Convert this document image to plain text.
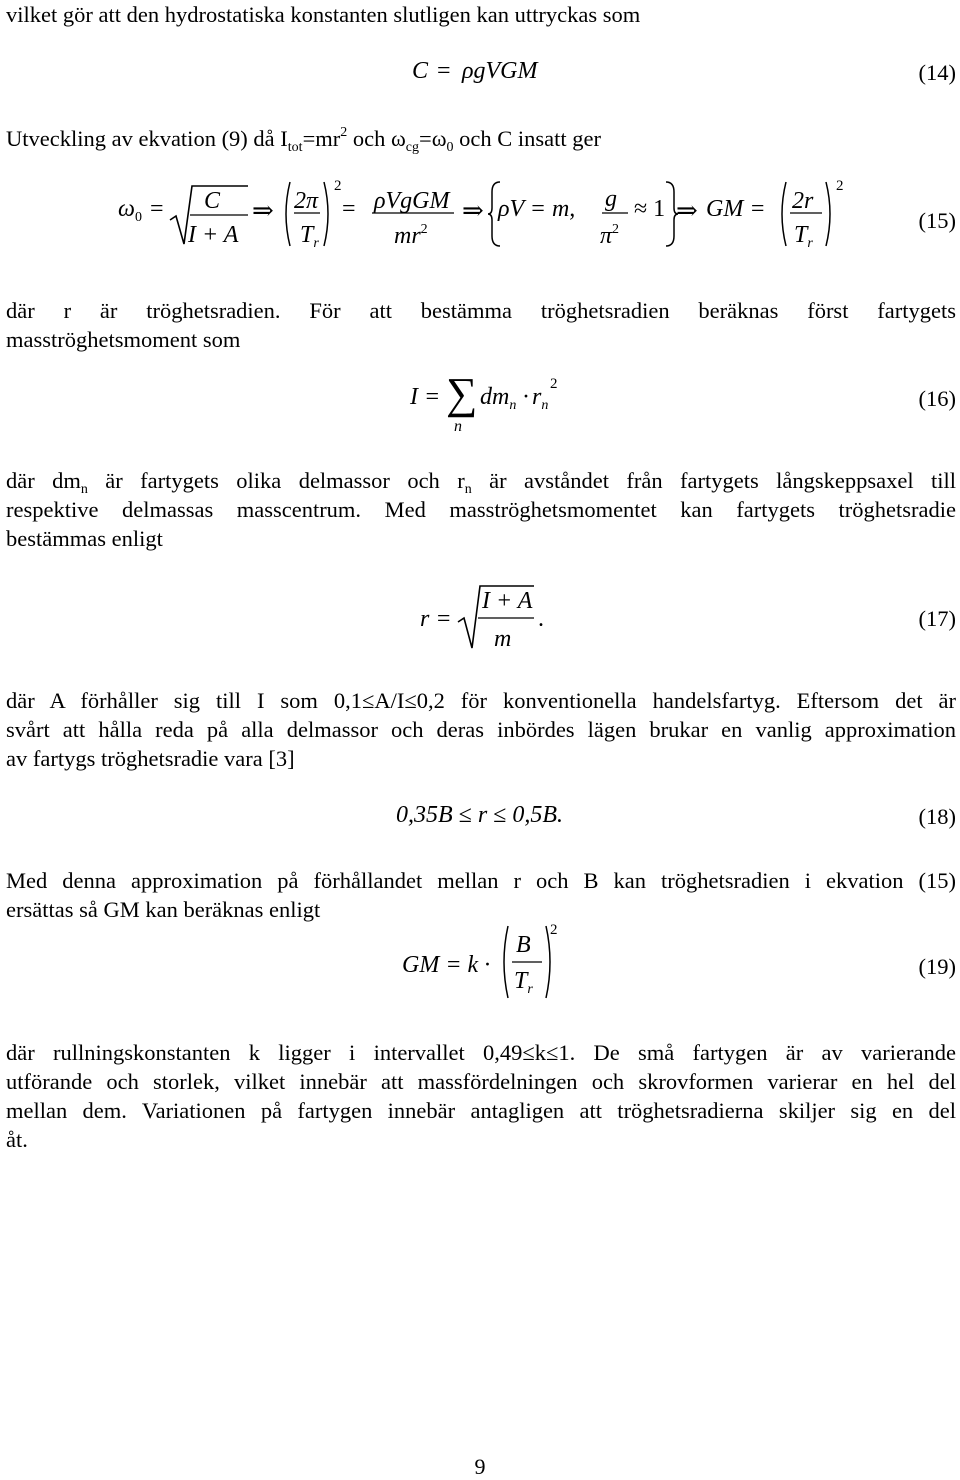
vilket gör att den hydrostatiska konstanten slutligen kan uttryckas som

C = ρgVGM	(14)

Utveckling av ekvation (9) då $I_{tot}=mr^2$ och $\omega_{cg}=\omega_0$ och C insatt ger

$\omega_0 = C$
I + A
⇒ 2π
$T_r$
2
= ρVgGM
$mr^2$
⇒ ρV = m, g
$\pi^2$
≈ 1 ⇒ GM = 2r
$T_r$
2
(15)

där r är tröghetsradien. För att bestämma tröghetsradien beräknas först fartygets

masströghetsmoment som

I = ∑
n
$dm_n \cdot r_n$
2
(16)

där $dm_n$ är fartygets olika delmassor och $r_n$ är avståndet från fartygets långskeppsaxel till

respektive delmassas masscentrum. Med masströghetsmomentet kan fartygets tröghetsradie

bestämmas enligt

r =
I + A
m
.	(17)

där A förhåller sig till I som 0,1≤A/I≤0,2 för konventionella handelsfartyg. Eftersom det är

svårt att hålla reda på alla delmassor och deras inbördes lägen brukar en vanlig approximation

av fartygs tröghetsradie vara [3]

0,35B ≤ r ≤ 0,5B.	(18)

Med denna approximation på förhållandet mellan r och B kan tröghetsradien i ekvation (15)

ersättas så GM kan beräknas enligt

GM = k ·
B
$T_r$
2
(19)

där rullningskonstanten k ligger i intervallet 0,49≤k≤1. De små fartygen är av varierande

utförande och storlek, vilket innebär att massfördelningen och skrovformen varierar en hel del

mellan dem. Variationen på fartygen innebär antagligen att tröghetsradierna skiljer sig en del

åt.

9
